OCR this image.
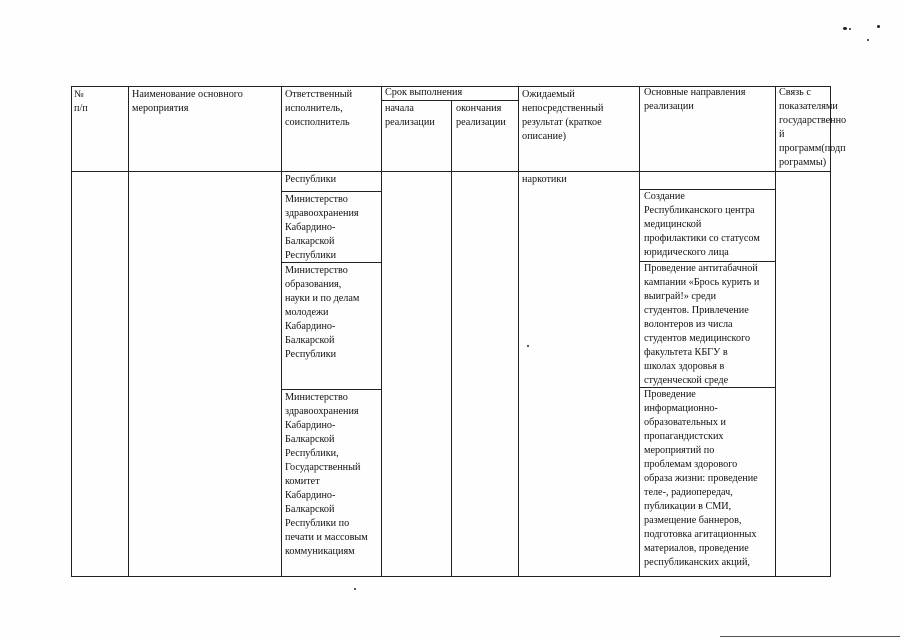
№
п/п
Наименование основного
мероприятия
Ответственный
исполнитель,
соисполнитель
Срок выполнения
начала
реализации
окончания
реализации
Ожидаемый
непосредственный
результат (краткое
описание)
Основные направления
реализации
Связь с
показателями
государственно
й
программ(подп
рограммы)
Республики
Министерство
здравоохранения
Кабардино-
Балкарской
Республики
Министерство
образования,
науки и по делам
молодежи
Кабардино-
Балкарской
Республики
Министерство
здравоохранения
Кабардино-
Балкарской
Республики,
Государственный
комитет
Кабардино-
Балкарской
Республики по
печати и массовым
коммуникациям
наркотики
Создание
Республиканского центра
медицинской
профилактики со статусом
юридического лица
Проведение антитабачной
кампании «Брось курить и
выиграй!» среди
студентов. Привлечение
волонтеров из числа
студентов медицинского
факультета КБГУ в
школах здоровья в
студенческой среде
Проведение
информационно-
образовательных и
пропагандистских
мероприятий по
проблемам здорового
образа жизни: проведение
теле-, радиопередач,
публикации в СМИ,
размещение баннеров,
подготовка агитационных
материалов, проведение
республиканских акций,
